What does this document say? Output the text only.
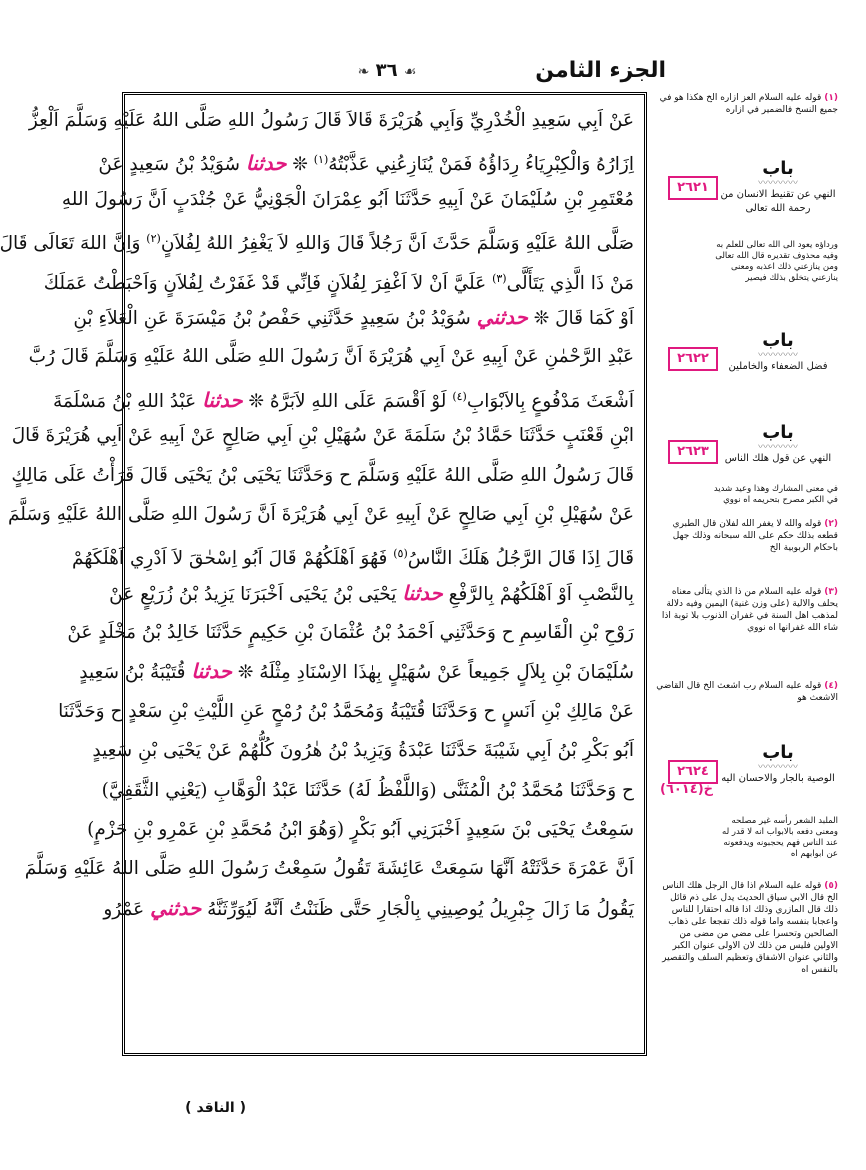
الجزء الثامن
☙ ٣٦ ❧
عَنْ اَبِي سَعِيدِ الْخُدْرِيِّ وَاَبِي هُرَيْرَةَ قَالاَ قَالَ رَسُولُ اللهِ صَلَّى اللهُ عَلَيْهِ وَسَلَّمَ اَلْعِزُّ
اِزَارُهُ وَالْكِبْرِيَاءُ رِدَاؤُهُ فَمَنْ يُنَازِعُنِي عَذَّبْتُهُ$^{(١)}$ ❊ حدثنا سُوَيْدُ بْنُ سَعِيدٍ عَنْ
مُعْتَمِرِ بْنِ سُلَيْمَانَ عَنْ اَبِيهِ حَدَّثَنَا اَبُو عِمْرَانَ الْجَوْنِيُّ عَنْ جُنْدَبٍ اَنَّ رَسُولَ اللهِ
صَلَّى اللهُ عَلَيْهِ وَسَلَّمَ حَدَّثَ اَنَّ رَجُلاً قَالَ وَاللهِ لاَ يَغْفِرُ اللهُ لِفُلاَنٍ$^{(٢)}$ وَاِنَّ اللهَ تَعَالَى قَالَ
مَنْ ذَا الَّذِي يَتَأَلَّى$^{(٣)}$ عَلَيَّ اَنْ لاَ اَغْفِرَ لِفُلاَنٍ فَاِنِّي قَدْ غَفَرْتُ لِفُلاَنٍ وَاَحْبَطْتُ عَمَلَكَ
اَوْ كَمَا قَالَ ❊ حدثني سُوَيْدُ بْنُ سَعِيدٍ حَدَّثَنِي حَفْصُ بْنُ مَيْسَرَةَ عَنِ الْعَلاَءِ بْنِ
عَبْدِ الرَّحْمٰنِ عَنْ اَبِيهِ عَنْ اَبِي هُرَيْرَةَ اَنَّ رَسُولَ اللهِ صَلَّى اللهُ عَلَيْهِ وَسَلَّمَ قَالَ رُبَّ
اَشْعَثَ مَدْفُوعٍ بِالاَبْوَابِ$^{(٤)}$ لَوْ اَقْسَمَ عَلَى اللهِ لاَبَرَّهُ ❊ حدثنا عَبْدُ اللهِ بْنُ مَسْلَمَةَ
ابْنِ قَعْنَبٍ حَدَّثَنَا حَمَّادُ بْنُ سَلَمَةَ عَنْ سُهَيْلِ بْنِ اَبِي صَالِحٍ عَنْ اَبِيهِ عَنْ اَبِي هُرَيْرَةَ قَالَ
قَالَ رَسُولُ اللهِ صَلَّى اللهُ عَلَيْهِ وَسَلَّمَ ح وَحَدَّثَنَا يَحْيَى بْنُ يَحْيَى قَالَ قَرَأْتُ عَلَى مَالِكٍ
عَنْ سُهَيْلِ بْنِ اَبِي صَالِحٍ عَنْ اَبِيهِ عَنْ اَبِي هُرَيْرَةَ اَنَّ رَسُولَ اللهِ صَلَّى اللهُ عَلَيْهِ وَسَلَّمَ
قَالَ اِذَا قَالَ الرَّجُلُ هَلَكَ النَّاسُ$^{(٥)}$ فَهُوَ اَهْلَكُهُمْ قَالَ اَبُو اِسْحٰقَ لاَ اَدْرِي اَهْلَكَهُمْ
بِالنَّصْبِ اَوْ اَهْلَكُهُمْ بِالرَّفْعِ حدثنا يَحْيَى بْنُ يَحْيَى اَخْبَرَنَا يَزِيدُ بْنُ زُرَيْعٍ عَنْ
رَوْحِ بْنِ الْقَاسِمِ ح وَحَدَّثَنِي اَحْمَدُ بْنُ عُثْمَانَ بْنِ حَكِيمٍ حَدَّثَنَا خَالِدُ بْنُ مَخْلَدٍ عَنْ
سُلَيْمَانَ بْنِ بِلاَلٍ جَمِيعاً عَنْ سُهَيْلٍ بِهٰذَا الاِسْنَادِ مِثْلَهُ ❊ حدثنا قُتَيْبَةُ بْنُ سَعِيدٍ
عَنْ مَالِكِ بْنِ اَنَسٍ ح وَحَدَّثَنَا قُتَيْبَةُ وَمُحَمَّدُ بْنُ رُمْحٍ عَنِ اللَّيْثِ بْنِ سَعْدٍ ح وَحَدَّثَنَا
اَبُو بَكْرِ بْنُ اَبِي شَيْبَةَ حَدَّثَنَا عَبْدَةُ وَيَزِيدُ بْنُ هٰرُونَ كُلُّهُمْ عَنْ يَحْيَى بْنِ سَعِيدٍ
ح وَحَدَّثَنَا مُحَمَّدُ بْنُ الْمُثَنَّى (وَاللَّفْظُ لَهُ) حَدَّثَنَا عَبْدُ الْوَهَّابِ (يَعْنِي الثَّقَفِيَّ)
سَمِعْتُ يَحْيَى بْنَ سَعِيدٍ اَخْبَرَنِي اَبُو بَكْرٍ (وَهُوَ ابْنُ مُحَمَّدِ بْنِ عَمْرِو بْنِ حَزْمٍ)
اَنَّ عَمْرَةَ حَدَّثَتْهُ اَنَّهَا سَمِعَتْ عَائِشَةَ تَقُولُ سَمِعْتُ رَسُولَ اللهِ صَلَّى اللهُ عَلَيْهِ وَسَلَّمَ
يَقُولُ مَا زَالَ جِبْرِيلُ يُوصِينِي بِالْجَارِ حَتَّى ظَنَنْتُ اَنَّهُ لَيُوَرِّثَنَّهُ حدثني عَمْرُو
(١)قوله عليه السلام العز ازاره الخ هكذا هو في جميع النسخ فالضمير في ازاره
٢٦٢١
باب
〰〰〰〰
النهي عن تقنيط الانسان من رحمة الله تعالى
ورداؤه يعود الى الله تعالى للعلم به وفيه محذوف تقديره قال الله تعالى ومن ينازعني ذلك اعذبه ومعنى ينازعني يتخلق بذلك فيصير
٢٦٢٢
باب
〰〰〰〰
فضل الضعفاء والخاملين
٢٦٢٣
باب
〰〰〰〰
النهي عن قول هلك الناس
في معنى المشارك وهذا وعيد شديد في الكبر مصرح بتحريمه اه نووي
(٢)قوله والله لا يغفر الله لفلان قال الطبري قطعه بذلك حكم على الله سبحانه وذلك جهل باحكام الربوبية الخ
(٣)قوله عليه السلام من ذا الذي يتألى معناه يحلف والالية (على وزن غنية) اليمين وفيه دلالة لمذهب اهل السنة في غفران الذنوب بلا توبة اذا شاء الله غفرانها اه نووي
(٤)قوله عليه السلام رب اشعث الخ قال القاضي الاشعث هو
٢٦٢٤
خ(٦٠١٤)
باب
〰〰〰〰
الوصية بالجار والاحسان اليه
الملبد الشعر رأسه غير مصلحه ومعنى دفعه بالابواب انه لا قدر له عند الناس فهم يحجبونه ويدفعونه عن ابوابهم اه
(٥)قوله عليه السلام اذا قال الرجل هلك الناس الخ قال الابي سياق الحديث يدل على ذم قائل ذلك قال المازري وذلك اذا قاله احتقارا للناس واعجابا بنفسه واما قوله ذلك تفجعا على ذهاب الصالحين وتحسرا على مضي من مضى من الاولين فليس من ذلك لان الاولى عنوان الكبر والثاني عنوان الاشفاق وتعظيم السلف والتقصير بالنفس اه
( الناقد )
